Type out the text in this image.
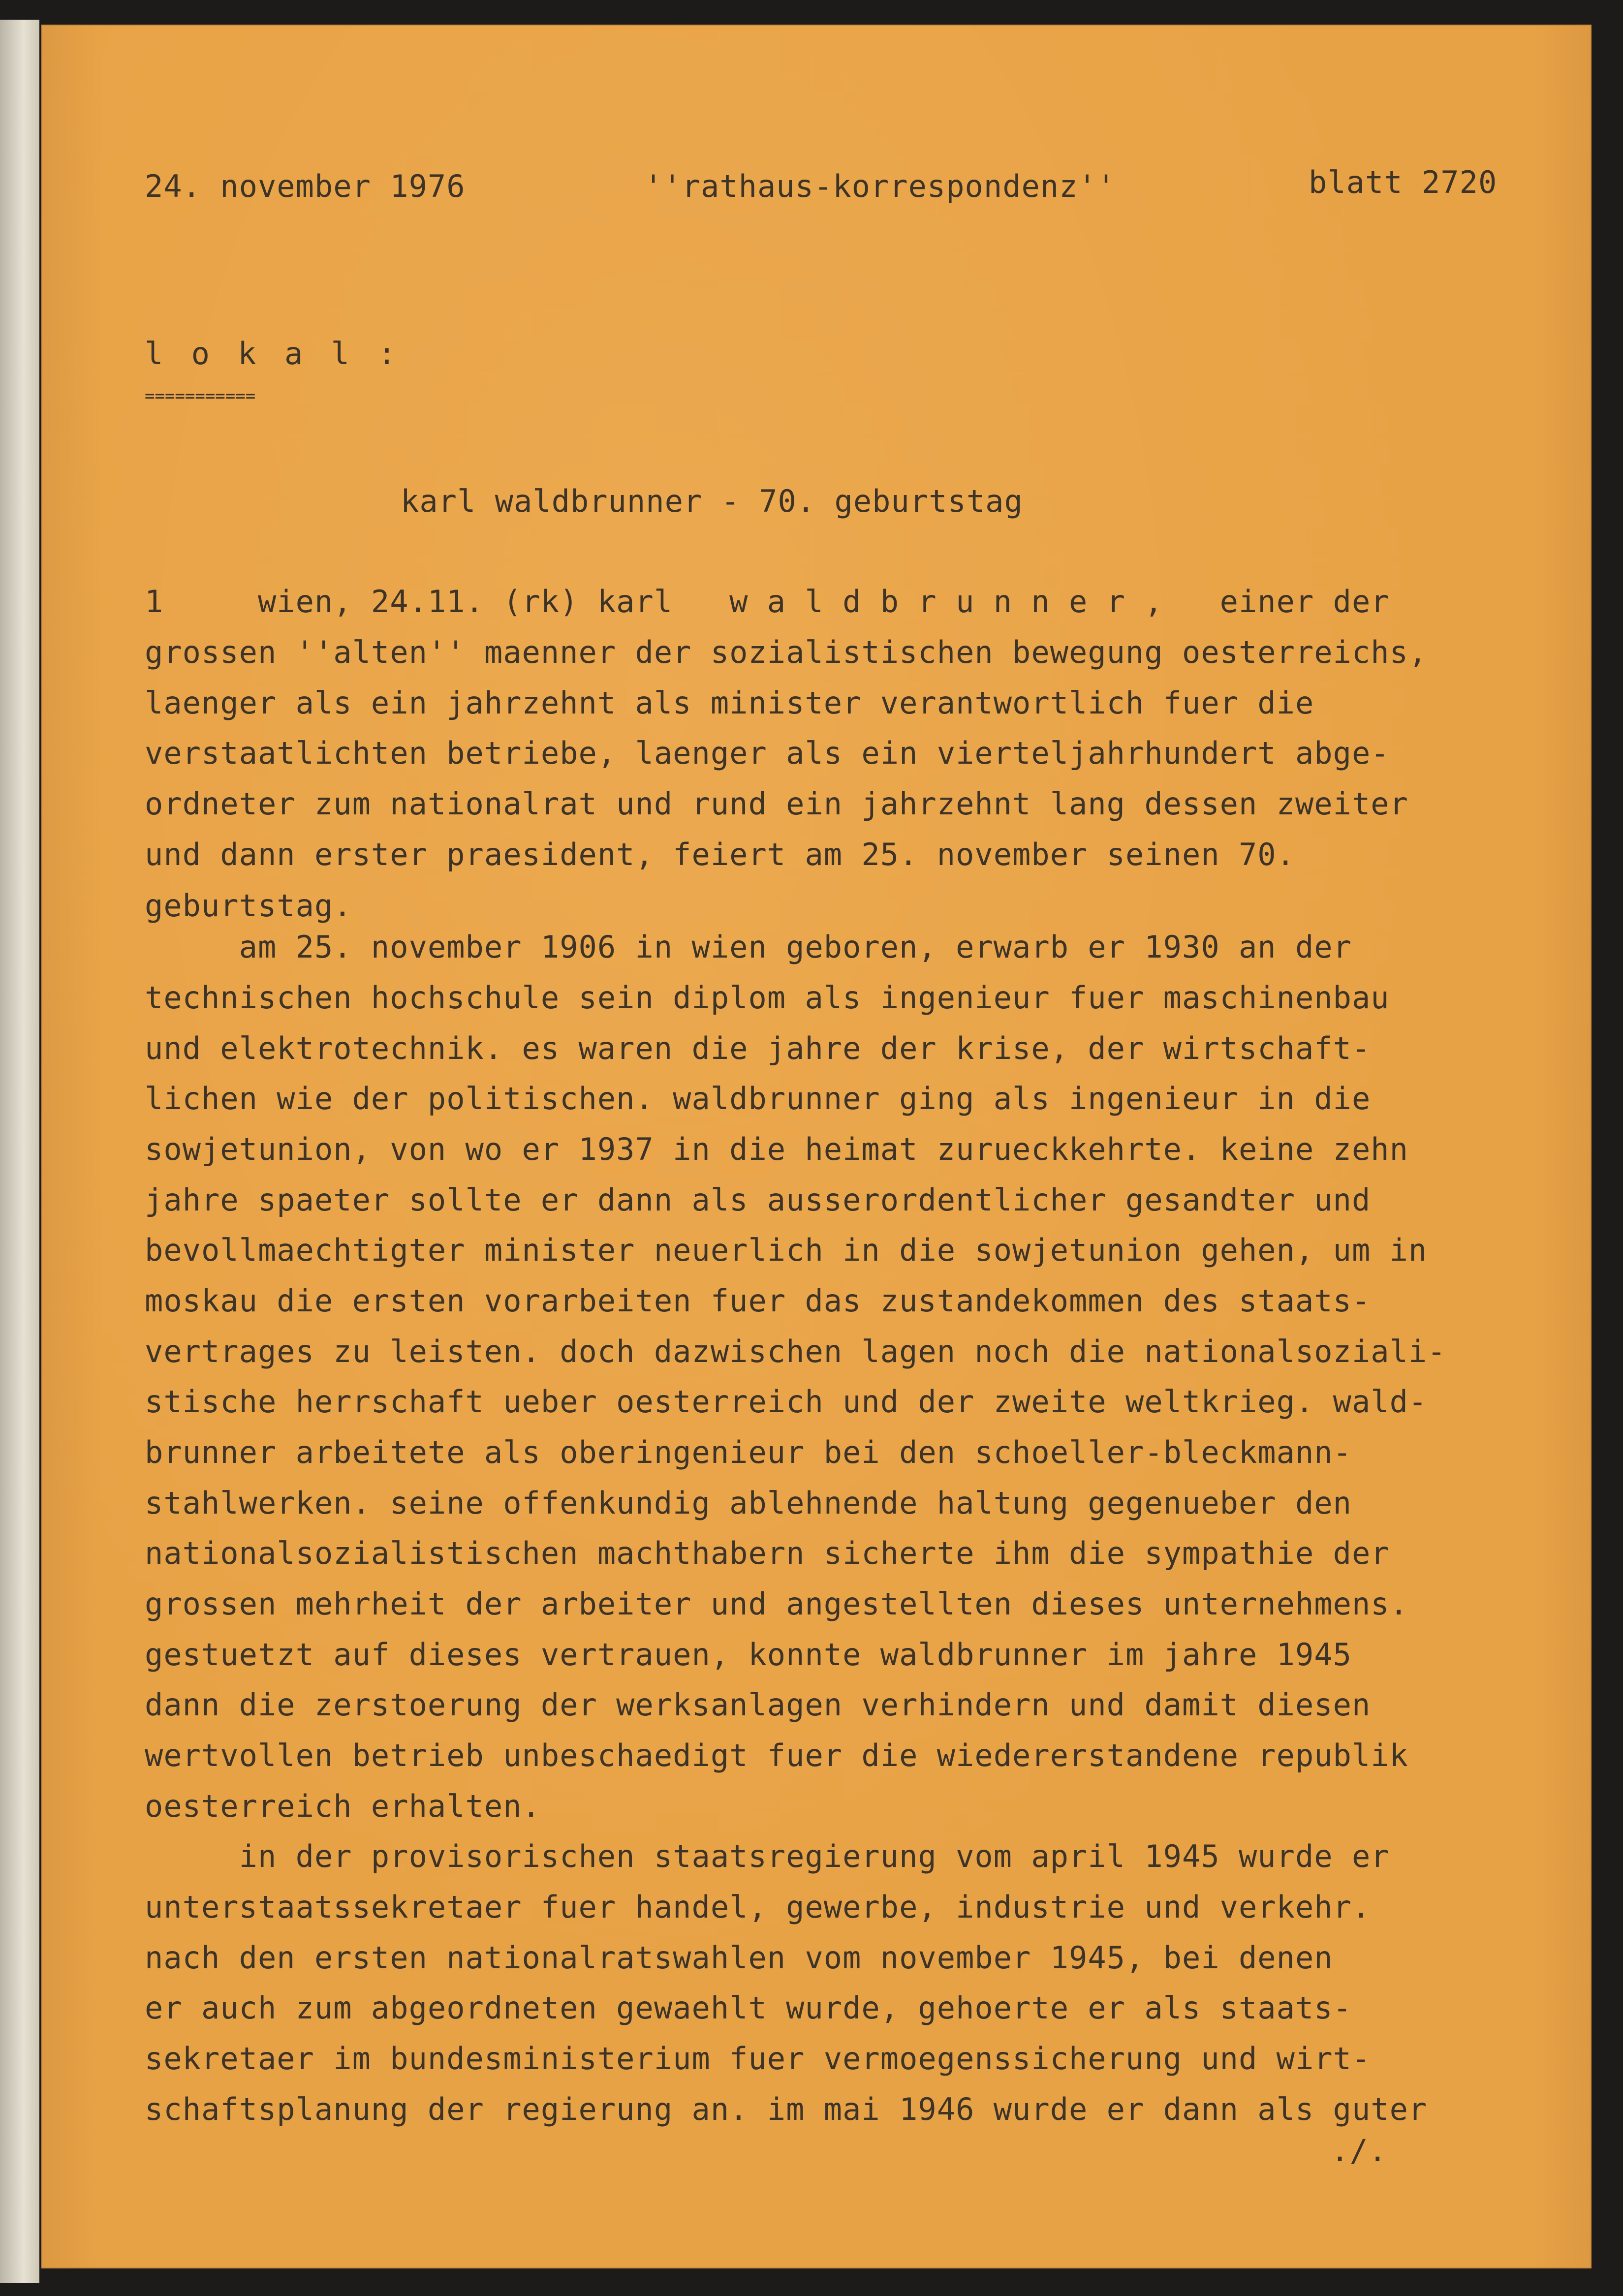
24. november 1976	''rathaus-korrespondenz''	blatt 2720
l o k a l :
===========
karl waldbrunner - 70. geburtstag
1     wien, 24.11. (rk) karl   w a l d b r u n n e r ,   einer der
grossen ''alten'' maenner der sozialistischen bewegung oesterreichs,
laenger als ein jahrzehnt als minister verantwortlich fuer die
verstaatlichten betriebe, laenger als ein vierteljahrhundert abge-
ordneter zum nationalrat und rund ein jahrzehnt lang dessen zweiter
und dann erster praesident, feiert am 25. november seinen 70.
geburtstag.
am 25. november 1906 in wien geboren, erwarb er 1930 an der
technischen hochschule sein diplom als ingenieur fuer maschinenbau
und elektrotechnik. es waren die jahre der krise, der wirtschaft-
lichen wie der politischen. waldbrunner ging als ingenieur in die
sowjetunion, von wo er 1937 in die heimat zurueckkehrte. keine zehn
jahre spaeter sollte er dann als ausserordentlicher gesandter und
bevollmaechtigter minister neuerlich in die sowjetunion gehen, um in
moskau die ersten vorarbeiten fuer das zustandekommen des staats-
vertrages zu leisten. doch dazwischen lagen noch die nationalsoziali-
stische herrschaft ueber oesterreich und der zweite weltkrieg. wald-
brunner arbeitete als oberingenieur bei den schoeller-bleckmann-
stahlwerken. seine offenkundig ablehnende haltung gegenueber den
nationalsozialistischen machthabern sicherte ihm die sympathie der
grossen mehrheit der arbeiter und angestellten dieses unternehmens.
gestuetzt auf dieses vertrauen, konnte waldbrunner im jahre 1945
dann die zerstoerung der werksanlagen verhindern und damit diesen
wertvollen betrieb unbeschaedigt fuer die wiedererstandene republik
oesterreich erhalten.
in der provisorischen staatsregierung vom april 1945 wurde er
unterstaatssekretaer fuer handel, gewerbe, industrie und verkehr.
nach den ersten nationalratswahlen vom november 1945, bei denen
er auch zum abgeordneten gewaehlt wurde, gehoerte er als staats-
sekretaer im bundesministerium fuer vermoegenssicherung und wirt-
schaftsplanung der regierung an. im mai 1946 wurde er dann als guter
./.
